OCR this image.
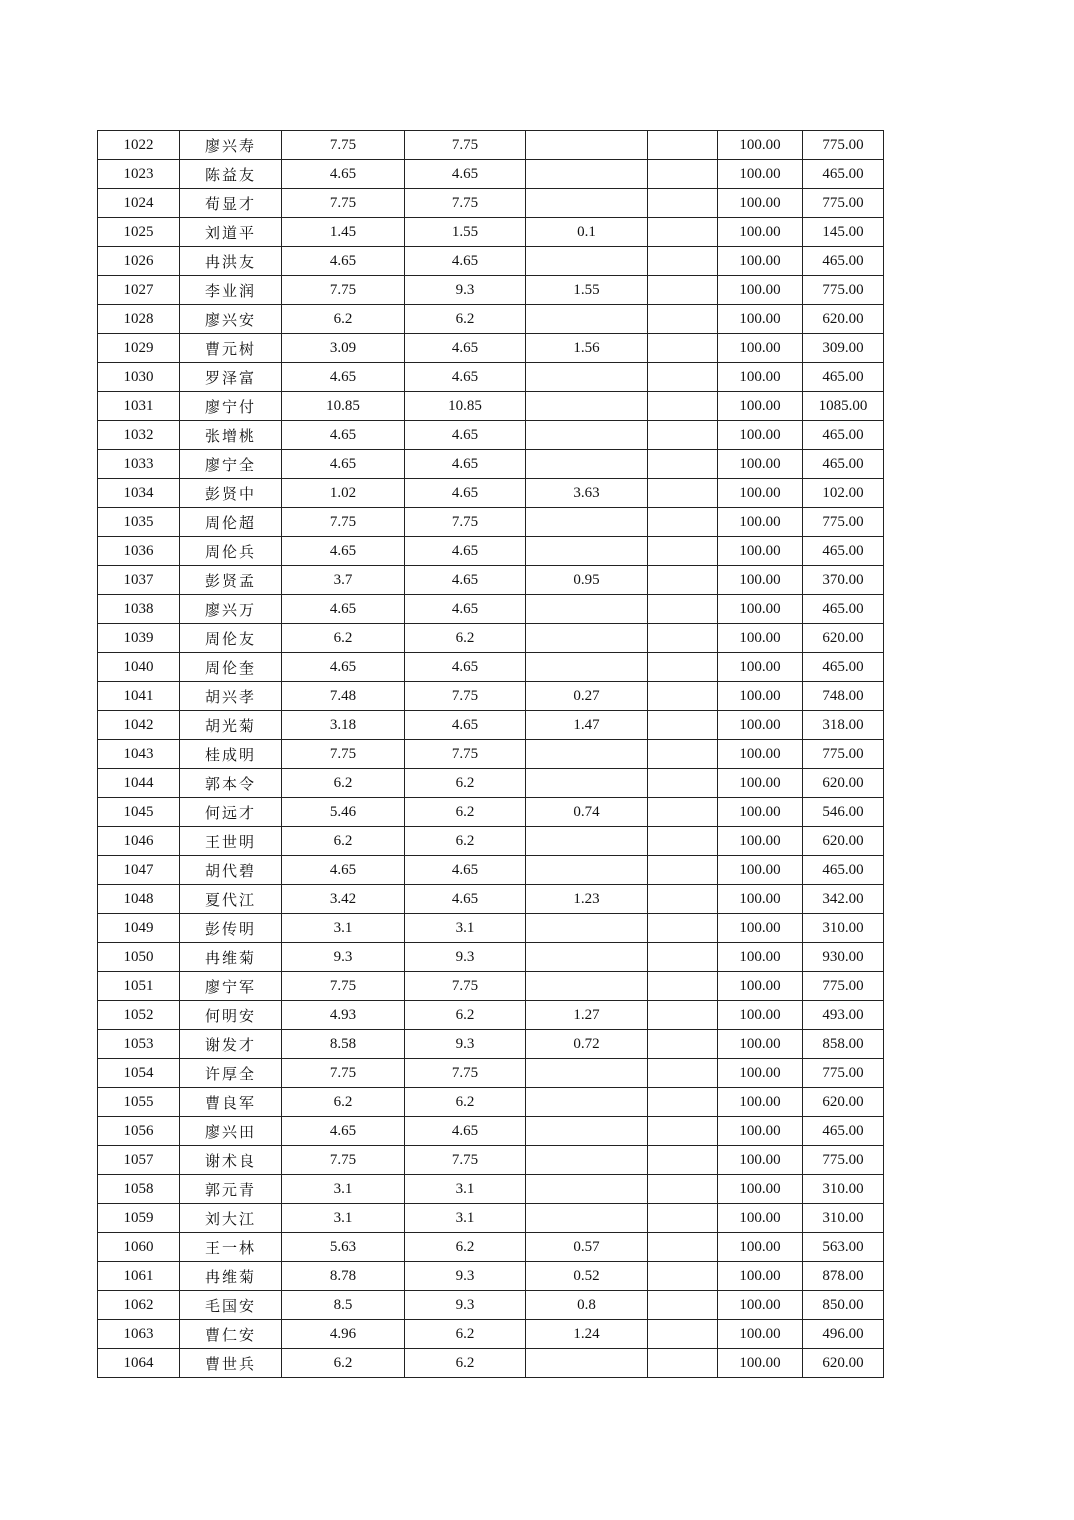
1022	廖兴寿	7.75	7.75			100.00	775.00
1023	陈益友	4.65	4.65			100.00	465.00
1024	荀显才	7.75	7.75			100.00	775.00
1025	刘道平	1.45	1.55	0.1		100.00	145.00
1026	冉洪友	4.65	4.65			100.00	465.00
1027	李业润	7.75	9.3	1.55		100.00	775.00
1028	廖兴安	6.2	6.2			100.00	620.00
1029	曹元树	3.09	4.65	1.56		100.00	309.00
1030	罗泽富	4.65	4.65			100.00	465.00
1031	廖宁付	10.85	10.85			100.00	1085.00
1032	张增桃	4.65	4.65			100.00	465.00
1033	廖宁全	4.65	4.65			100.00	465.00
1034	彭贤中	1.02	4.65	3.63		100.00	102.00
1035	周伦超	7.75	7.75			100.00	775.00
1036	周伦兵	4.65	4.65			100.00	465.00
1037	彭贤孟	3.7	4.65	0.95		100.00	370.00
1038	廖兴万	4.65	4.65			100.00	465.00
1039	周伦友	6.2	6.2			100.00	620.00
1040	周伦奎	4.65	4.65			100.00	465.00
1041	胡兴孝	7.48	7.75	0.27		100.00	748.00
1042	胡光菊	3.18	4.65	1.47		100.00	318.00
1043	桂成明	7.75	7.75			100.00	775.00
1044	郭本令	6.2	6.2			100.00	620.00
1045	何远才	5.46	6.2	0.74		100.00	546.00
1046	王世明	6.2	6.2			100.00	620.00
1047	胡代碧	4.65	4.65			100.00	465.00
1048	夏代江	3.42	4.65	1.23		100.00	342.00
1049	彭传明	3.1	3.1			100.00	310.00
1050	冉维菊	9.3	9.3			100.00	930.00
1051	廖宁军	7.75	7.75			100.00	775.00
1052	何明安	4.93	6.2	1.27		100.00	493.00
1053	谢发才	8.58	9.3	0.72		100.00	858.00
1054	许厚全	7.75	7.75			100.00	775.00
1055	曹良军	6.2	6.2			100.00	620.00
1056	廖兴田	4.65	4.65			100.00	465.00
1057	谢术良	7.75	7.75			100.00	775.00
1058	郭元青	3.1	3.1			100.00	310.00
1059	刘大江	3.1	3.1			100.00	310.00
1060	王一林	5.63	6.2	0.57		100.00	563.00
1061	冉维菊	8.78	9.3	0.52		100.00	878.00
1062	毛国安	8.5	9.3	0.8		100.00	850.00
1063	曹仁安	4.96	6.2	1.24		100.00	496.00
1064	曹世兵	6.2	6.2			100.00	620.00
